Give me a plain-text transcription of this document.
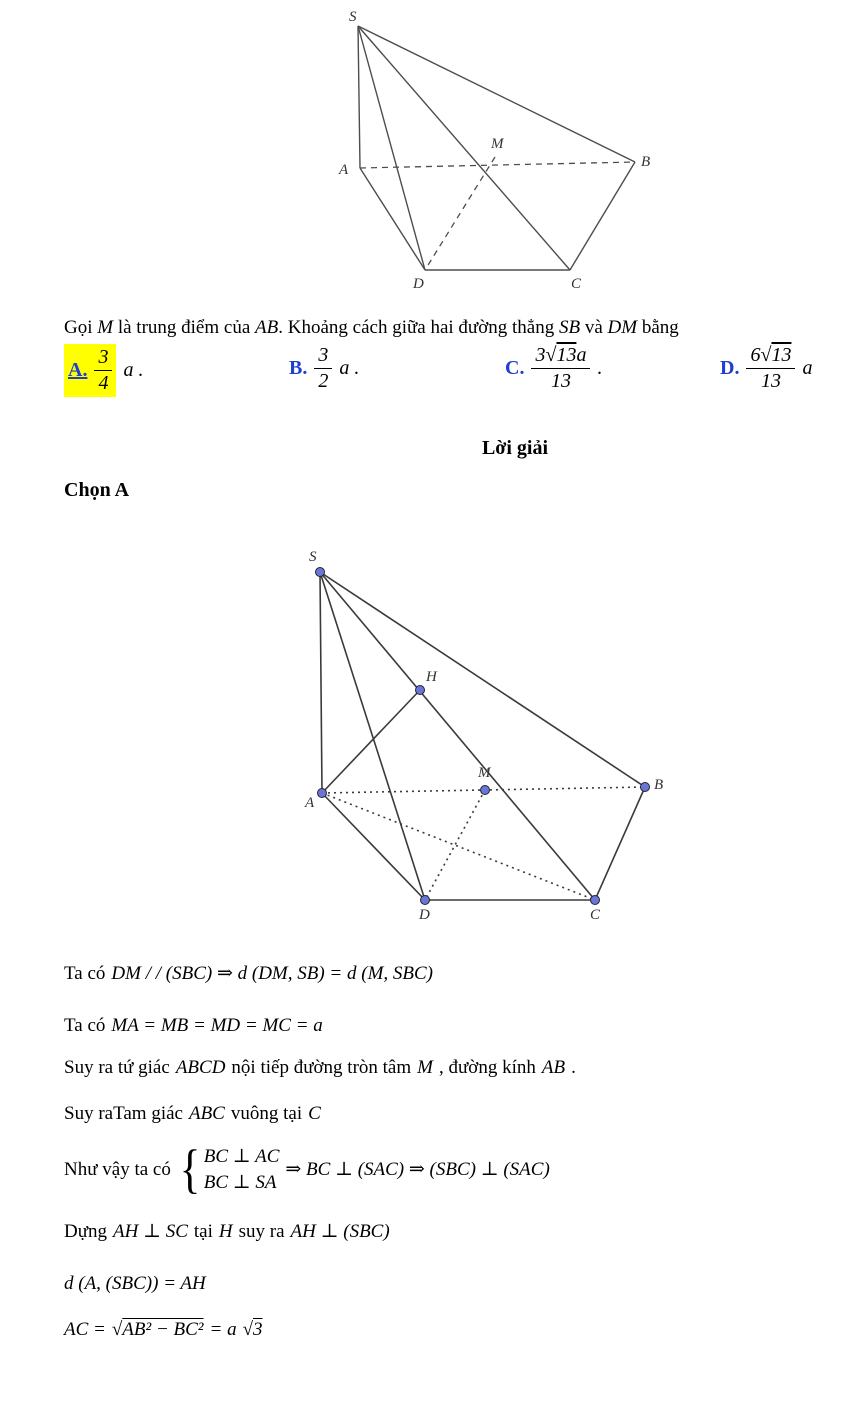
S
A	B
M
D	C

Gọi M là trung điểm của AB. Khoảng cách giữa hai đường thẳng SB và DM bằng

A. $\frac{3}{4}$ a .	B. $\frac{3}{2}$ a .	C. $\frac{3√13a}{13}$ .	D. $\frac{6√13}{13}$ a
Lời giải
Chọn A
S
H
A
M
B
D	C

Ta có DM / / (SBC) ⇒ d (DM, SB) = d (M, SBC)

Ta có MA = MB = MD = MC = a

Suy ra tứ giác ABCD nội tiếp đường tròn tâm M , đường kính AB .

Suy raTam giác ABC vuông tại C

Như vậy ta có { BC ⊥ AC
BC ⊥ SA
⇒ BC ⊥ (SAC) ⇒ (SBC) ⊥ (SAC)

Dựng AH ⊥ SC tại H suy ra AH ⊥ (SBC)

d (A, (SBC)) = AH

AC = √AB² − BC² = a √3
